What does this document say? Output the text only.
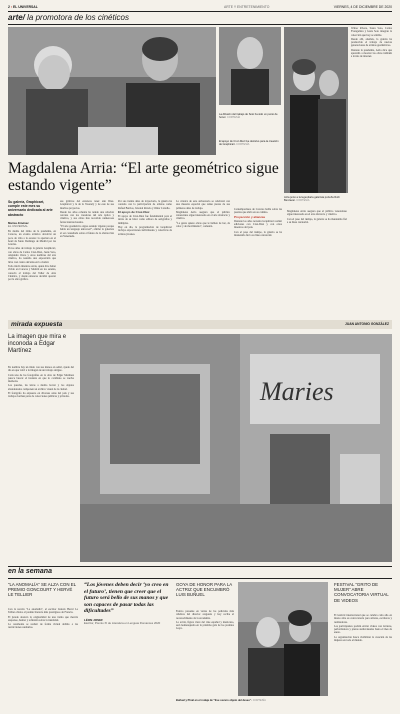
2 ▪ EL UNIVERSAL	VIERNES, 4 DE DICIEMBRE DE 2020
ARTE Y ENTRETENIMIENTO
arte/ la promotora de los cinéticos
La difusión del trabajo de Soto ha sido un punto de honor. CORTESÍA
El apoyo de Cruz-Diez fue decisivo para la creación de Graphicart. CORTESÍA
Arria junto a la legendaria galerista porteña Ruth Benzacar. CORTESÍA

Walter Rivera, Sanra Soto, Carlos Evangelista y Jesús Soto integran la colección que hoy se exhibe.

Desde allí, además, la galería ha promovido el trabajo de nuevas generaciones de artistas geométricos.

Durante la pandemia, Arria dice que aprendió a mostrar las obras también a través de internet.

Magdalena Arria: “El arte geométrico sigue estando vigente”
Su galería, Graphicart, cumple este mes su aniversario dedicada al arte abstracto
Marisa Jiménez
EL UNIVERSAL

En medio del ritmo de la pandemia, en Caracas, un evento artístico devolvió un poco de vida a la escena: la apertura en el hotel de Santo Domingo de Madrid por las Gracias.

Pocos años de trabajo la galería Graphicart, con obras de Carlos Cruz-Diez, Jesús Soto, Alejandro Otero y otros nombres del arte cinético, ha reunido una exposición que lleva casi cuatro décadas en la ciudad.

Todo inició mientras Arria, quien dice haber vivido en Caracas y Madrid en los setenta, conoció el trabajo del Taller de Arte Cinético, y desde entonces decidió apostar por la obra gráfica.

sus gráficas del entonces tener aún Diez. Graphicart y la de la Vasarely y de este de sus muchos proyectos.

Desde los años ochenta ha tenido una relación cercana con los creadores del arte óptico y cinético, y sus obras han recorrido numerosas ferias internacionales.

“El arte geométrico sigue estando vigente porque habla un lenguaje universal”, afirmó la galerista al ser consultada sobre el futuro de la abstracción en Venezuela.

Por sus treinta años de trayectoria, la galería ha contado con la participación de artistas como Rafael Barrios, Juvenal Ravelo y Omar Carreño.

El apoyo de Cruz-Diez

El apoyo de Cruz-Diez fue fundamental para el inicio de su labor como editora de serigrafías y múltiples.

Hoy en día, la programación de Graphicart incluye exposiciones individuales y colectivas de artistas jóvenes.

La crónica de este aniversario se celebrará con una muestra especial que reúne piezas de sus primeros años de trabajo.

Magdalena Arria asegura que el público venezolano sigue interesado en el arte abstracto y cinético.

“La gente quiere obras que le hablen de luz, de color y de movimiento”, comentó.

Contemporáneo de Caracas habla sobre las puertas que abrió en su camino.

Proyección y alianzas

Durante los años noventa Graphicart realizó ediciones con Cruz-Diez y con otros maestros del país.

Con el paso del tiempo, la galería se ha mantenido fiel a su línea curatorial.

Magdalena Arria asegura que el público venezolano sigue interesado en el arte abstracto y cinético.

Con el paso del tiempo, la galería se ha mantenido fiel a su línea curatorial.

mirada expuesta	JUAN ANTONIO GONZÁLEZ
La imagen que mira e inconoda a Edgar Martínez

En nombre hay un título con sus manos en señal, ayudo del día en que volví a la imagen de un trabajo antiguo.

Cada una de las fotografías en la obra de Edgar Martínez parece buscar el instante en que lo cotidiano se vuelve memoria.

Las paredes, las letras a medio borrar y los objetos abandonados componen un archivo visual de la ciudad.

El fotógrafo ha expuesto en diversas salas del país y sus trabajos forman parte de colecciones públicas y privadas.	Maries
en la semana
“LA ANOMALÍA” SE ALZA CON EL PREMIO GONCOURT Y HERVÉ LE TELLIER

Con la novela “La anomalía”, el escritor francés Hervé Le Tellier obtuvo el premio literario más prestigioso de Francia.

El jurado destacó la originalidad de una trama que mezcla suspenso, humor y reflexión sobre la identidad.

La ceremonia se realizó de forma virtual debido a las restricciones sanitarias.

“Los jóvenes deben decir ‘yo creo en el futuro’, tienen que creer que el futuro será bello de sus manos y que son capaces de pasar todas las dificultades”
LÉON JOSEF
Escritor, Premio XI de Literatura en Lenguas Romances 2020
GOYA DE HONOR PARA LA ACTRIZ QUE ENCUMBRÓ LUIS BUÑUEL

Estuvo presente en varias de las películas más célebres del director aragonés y hoy recibe el reconocimiento de la Academia.

La actriz, figura clave del cine español y mexicano, será homenajeada en la próxima gala de los premios Goya.

Buñuel y Pinal en el rodaje de “Ese oscuro objeto del deseo”. CORTESÍA
FESTIVAL “GRITO DE MUJER” ABRE CONVOCATORIA VIRTUAL DE VIDEOS

El festival internacional que se celebra cada año en marzo abre su convocatoria para artistas, escritoras y realizadoras.

Las participantes podrán enviar videos con lecturas, performances y piezas audiovisuales hasta el mes de enero.

La organización busca visibilizar la creación de las mujeres en todo el mundo.
